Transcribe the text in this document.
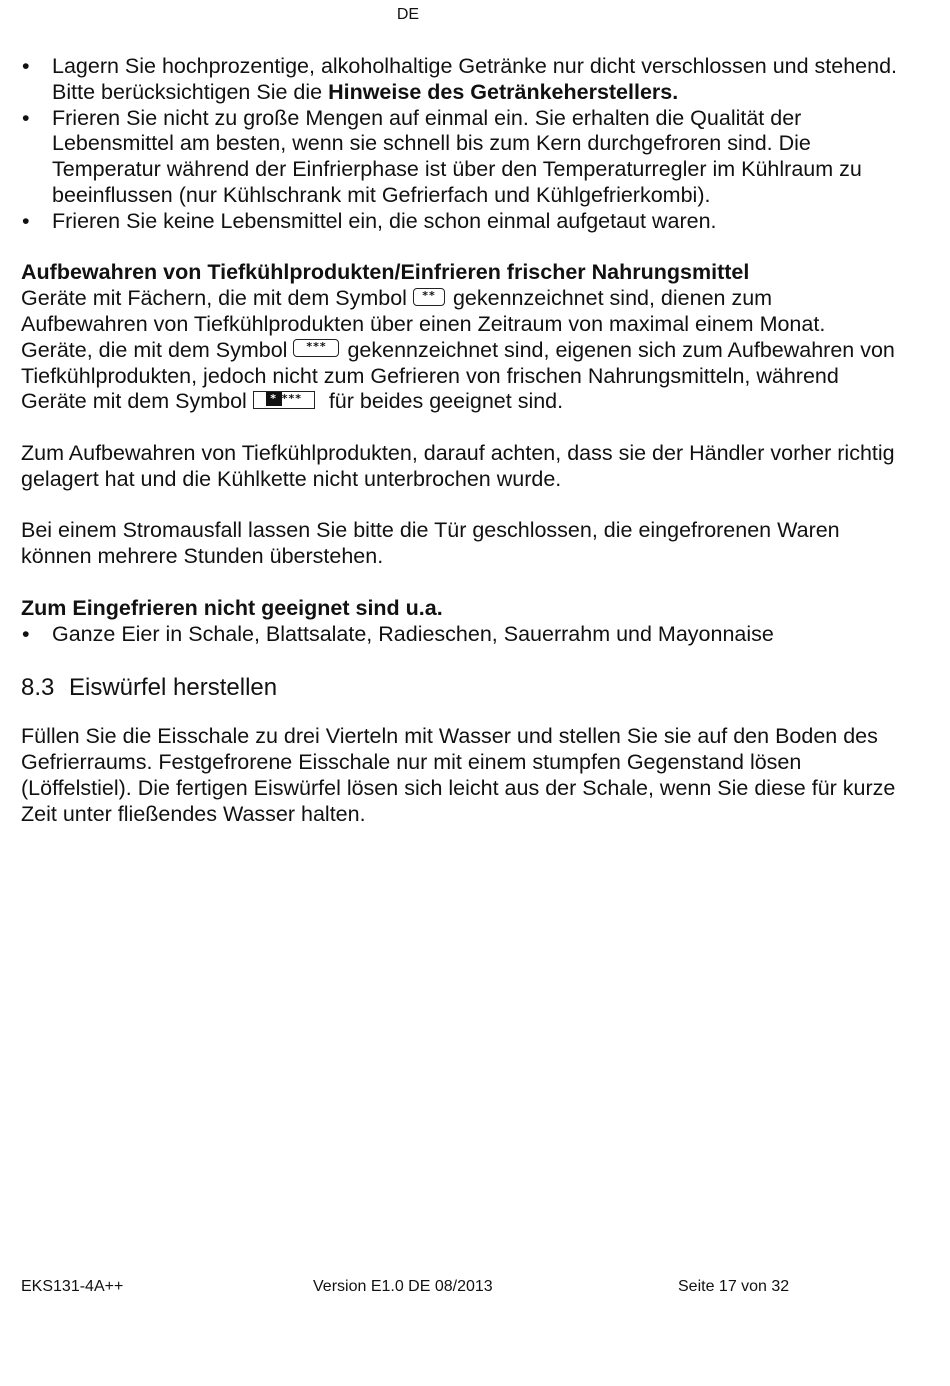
DE
• Lagern Sie hochprozentige, alkoholhaltige Getränke nur dicht verschlossen und stehend. Bitte berücksichtigen Sie die Hinweise des Getränkeherstellers.
• Frieren Sie nicht zu große Mengen auf einmal ein. Sie erhalten die Qualität der Lebensmittel am besten, wenn sie schnell bis zum Kern durchgefroren sind. Die Temperatur während der Einfrierphase ist über den Temperaturregler im Kühlraum zu beeinflussen (nur Kühlschrank mit Gefrierfach und Kühlgefrierkombi).
• Frieren Sie keine Lebensmittel ein, die schon einmal aufgetaut waren.

Aufbewahren von Tiefkühlprodukten/Einfrieren frischer Nahrungsmittel

Geräte mit Fächern, die mit dem Symbol ** gekennzeichnet sind, dienen zum Aufbewahren von Tiefkühlprodukten über einen Zeitraum von maximal einem Monat.

Geräte, die mit dem Symbol *** gekennzeichnet sind, eigenen sich zum Aufbewahren von Tiefkühlprodukten, jedoch nicht zum Gefrieren von frischen Nahrungsmitteln, während Geräte mit dem Symbol * *** für beides geeignet sind.

Zum Aufbewahren von Tiefkühlprodukten, darauf achten, dass sie der Händler vorher richtig gelagert hat und die Kühlkette nicht unterbrochen wurde.

Bei einem Stromausfall lassen Sie bitte die Tür geschlossen, die eingefrorenen Waren können mehrere Stunden überstehen.

Zum Eingefrieren nicht geeignet sind u.a.

• Ganze Eier in Schale, Blattsalate, Radieschen, Sauerrahm und Mayonnaise
8.3 Eiswürfel herstellen

Füllen Sie die Eisschale zu drei Vierteln mit Wasser und stellen Sie sie auf den Boden des Gefrierraums. Festgefrorene Eisschale nur mit einem stumpfen Gegenstand lösen (Löffelstiel). Die fertigen Eiswürfel lösen sich leicht aus der Schale, wenn Sie diese für kurze Zeit unter fließendes Wasser halten.

EKS131-4A++	Version E1.0 DE 08/2013	Seite 17 von 32
